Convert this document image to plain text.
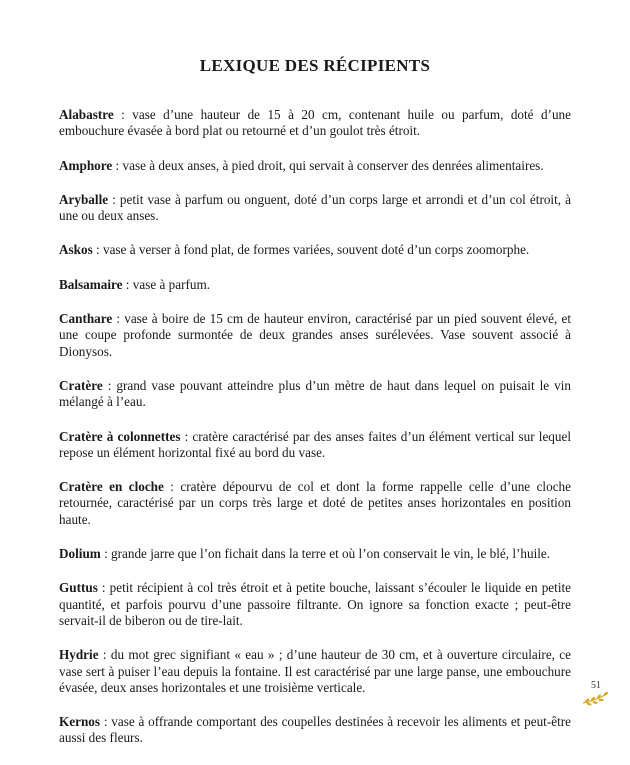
LEXIQUE DES RÉCIPIENTS

Alabastre : vase d’une hauteur de 15 à 20 cm, contenant huile ou parfum, doté d’une embouchure évasée à bord plat ou retourné et d’un goulot très étroit.

Amphore : vase à deux anses, à pied droit, qui servait à conserver des denrées alimentaires.

Aryballe : petit vase à parfum ou onguent, doté d’un corps large et arrondi et d’un col étroit, à une ou deux anses.

Askos : vase à verser à fond plat, de formes variées, souvent doté d’un corps zoomorphe.

Balsamaire : vase à parfum.

Canthare : vase à boire de 15 cm de hauteur environ, caractérisé par un pied souvent élevé, et une coupe profonde surmontée de deux grandes anses surélevées. Vase souvent associé à Dionysos.

Cratère : grand vase pouvant atteindre plus d’un mètre de haut dans lequel on puisait le vin mélangé à l’eau.

Cratère à colonnettes : cratère caractérisé par des anses faites d’un élément vertical sur lequel repose un élément horizontal fixé au bord du vase.

Cratère en cloche : cratère dépourvu de col et dont la forme rappelle celle d’une cloche retournée, caractérisé par un corps très large et doté de petites anses horizontales en position haute.

Dolium : grande jarre que l’on fichait dans la terre et où l’on conservait le vin, le blé, l’huile.

Guttus : petit récipient à col très étroit et à petite bouche, laissant s’écouler le liquide en petite quantité, et parfois pourvu d’une passoire filtrante. On ignore sa fonction exacte ; peut-être servait-il de biberon ou de tire-lait.

Hydrie : du mot grec signifiant « eau » ; d’une hauteur de 30 cm, et à ouverture circulaire, ce vase sert à puiser l’eau depuis la fontaine. Il est caractérisé par une large panse, une embouchure évasée, deux anses horizontales et une troisième verticale.

Kernos : vase à offrande comportant des coupelles destinées à recevoir les aliments et peut-être aussi des fleurs.

51
